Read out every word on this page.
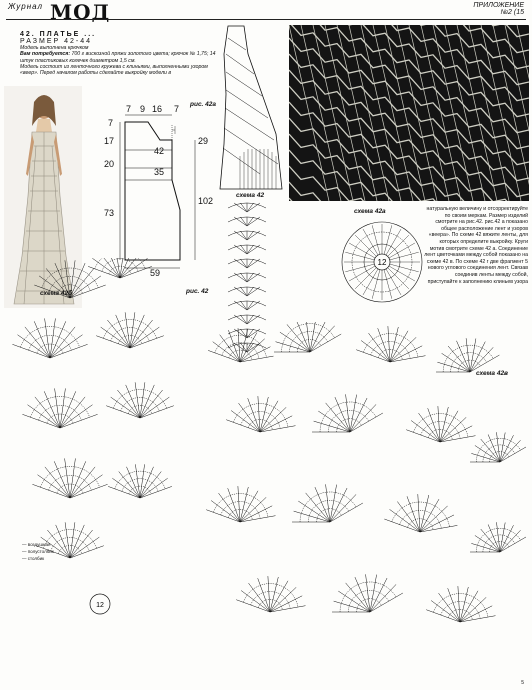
Журнал МОД	ПРИЛОЖЕНИЕ
№2 (15
42. ПЛАТЬЕ ...
РАЗМЕР 42-44
Модель выполнена крючком
Вам потребуется: 700 г вискозной пряжи золотого цвета; крючок № 1,75; 14 штук пластиковых колечек диаметром 1,5 см.
Модель состоит из ленточного кружева с клиньями, выполненными узором «веер». Перед началом работы сделайте выкройку модели в
7 9 16 7
7
17
20
73
42
35
29
102
59
рис. 42а
схема 42
рис. 42
схема 42а
12
натуральную величину и отсорректируйте по своим меркам. Размер изделий смотрите на рис.42. рис.42 а показано общее расположение лент и узоров «веера». По схеме 42 вяжите ленты, для которых определите выкройку. Круги мотив смотрите схеме 42 а. Соединение лент цветочками между собой показано на схеме 42 в. По схеме 42 г две фрагмент 5 нового углового соединения лент. Связав соединив ленты между собой, приступайте к заполнению клиньев узора
схема 42б
12
— воздушная
— полустолбик
— столбик
схема 42в
5
